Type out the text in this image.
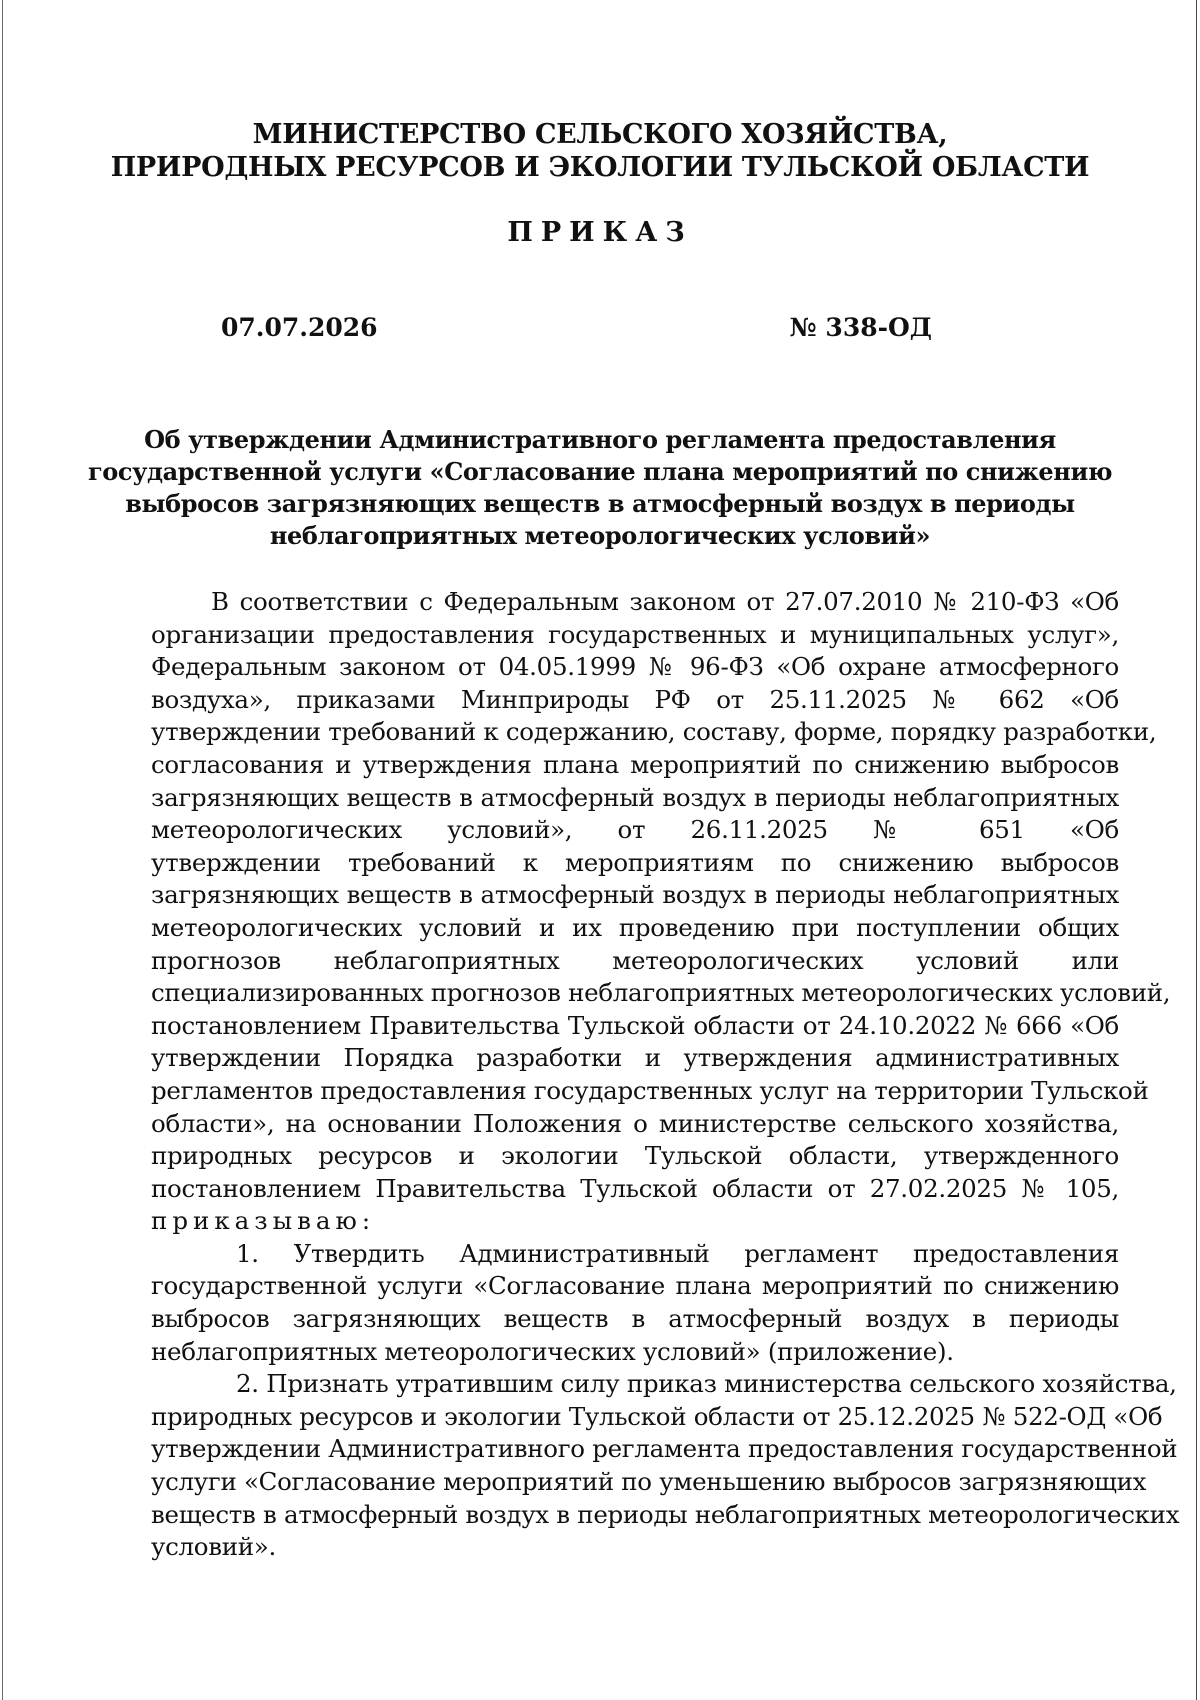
МИНИСТЕРСТВО СЕЛЬСКОГО ХОЗЯЙСТВА,
ПРИРОДНЫХ РЕСУРСОВ И ЭКОЛОГИИ ТУЛЬСКОЙ ОБЛАСТИ
ПРИКАЗ
07.07.2026	№ 338-ОД
Об утверждении Административного регламента предоставления
государственной услуги «Согласование плана мероприятий по снижению
выбросов загрязняющих веществ в атмосферный воздух в периоды
неблагоприятных метеорологических условий»
В соответствии с Федеральным законом от 27.07.2010 № 210-ФЗ «Об
организации предоставления государственных и муниципальных услуг»,
Федеральным законом от 04.05.1999 № 96-ФЗ «Об охране атмосферного
воздуха», приказами Минприроды РФ от 25.11.2025 № 662 «Об
утверждении требований к содержанию, составу, форме, порядку разработки,
согласования и утверждения плана мероприятий по снижению выбросов
загрязняющих веществ в атмосферный воздух в периоды неблагоприятных
метеорологических условий», от 26.11.2025 № 651 «Об
утверждении требований к мероприятиям по снижению выбросов
загрязняющих веществ в атмосферный воздух в периоды неблагоприятных
метеорологических условий и их проведению при поступлении общих
прогнозов неблагоприятных метеорологических условий или
специализированных прогнозов неблагоприятных метеорологических условий,
постановлением Правительства Тульской области от 24.10.2022 № 666 «Об
утверждении Порядка разработки и утверждения административных
регламентов предоставления государственных услуг на территории Тульской
области», на основании Положения о министерстве сельского хозяйства,
природных ресурсов и экологии Тульской области, утвержденного
постановлением Правительства Тульской области от 27.02.2025 № 105,
приказываю:
1. Утвердить Административный регламент предоставления
государственной услуги «Согласование плана мероприятий по снижению
выбросов загрязняющих веществ в атмосферный воздух в периоды
неблагоприятных метеорологических условий» (приложение).
2. Признать утратившим силу приказ министерства сельского хозяйства,
природных ресурсов и экологии Тульской области от 25.12.2025 № 522-ОД «Об
утверждении Административного регламента предоставления государственной
услуги «Согласование мероприятий по уменьшению выбросов загрязняющих
веществ в атмосферный воздух в периоды неблагоприятных метеорологических
условий».
